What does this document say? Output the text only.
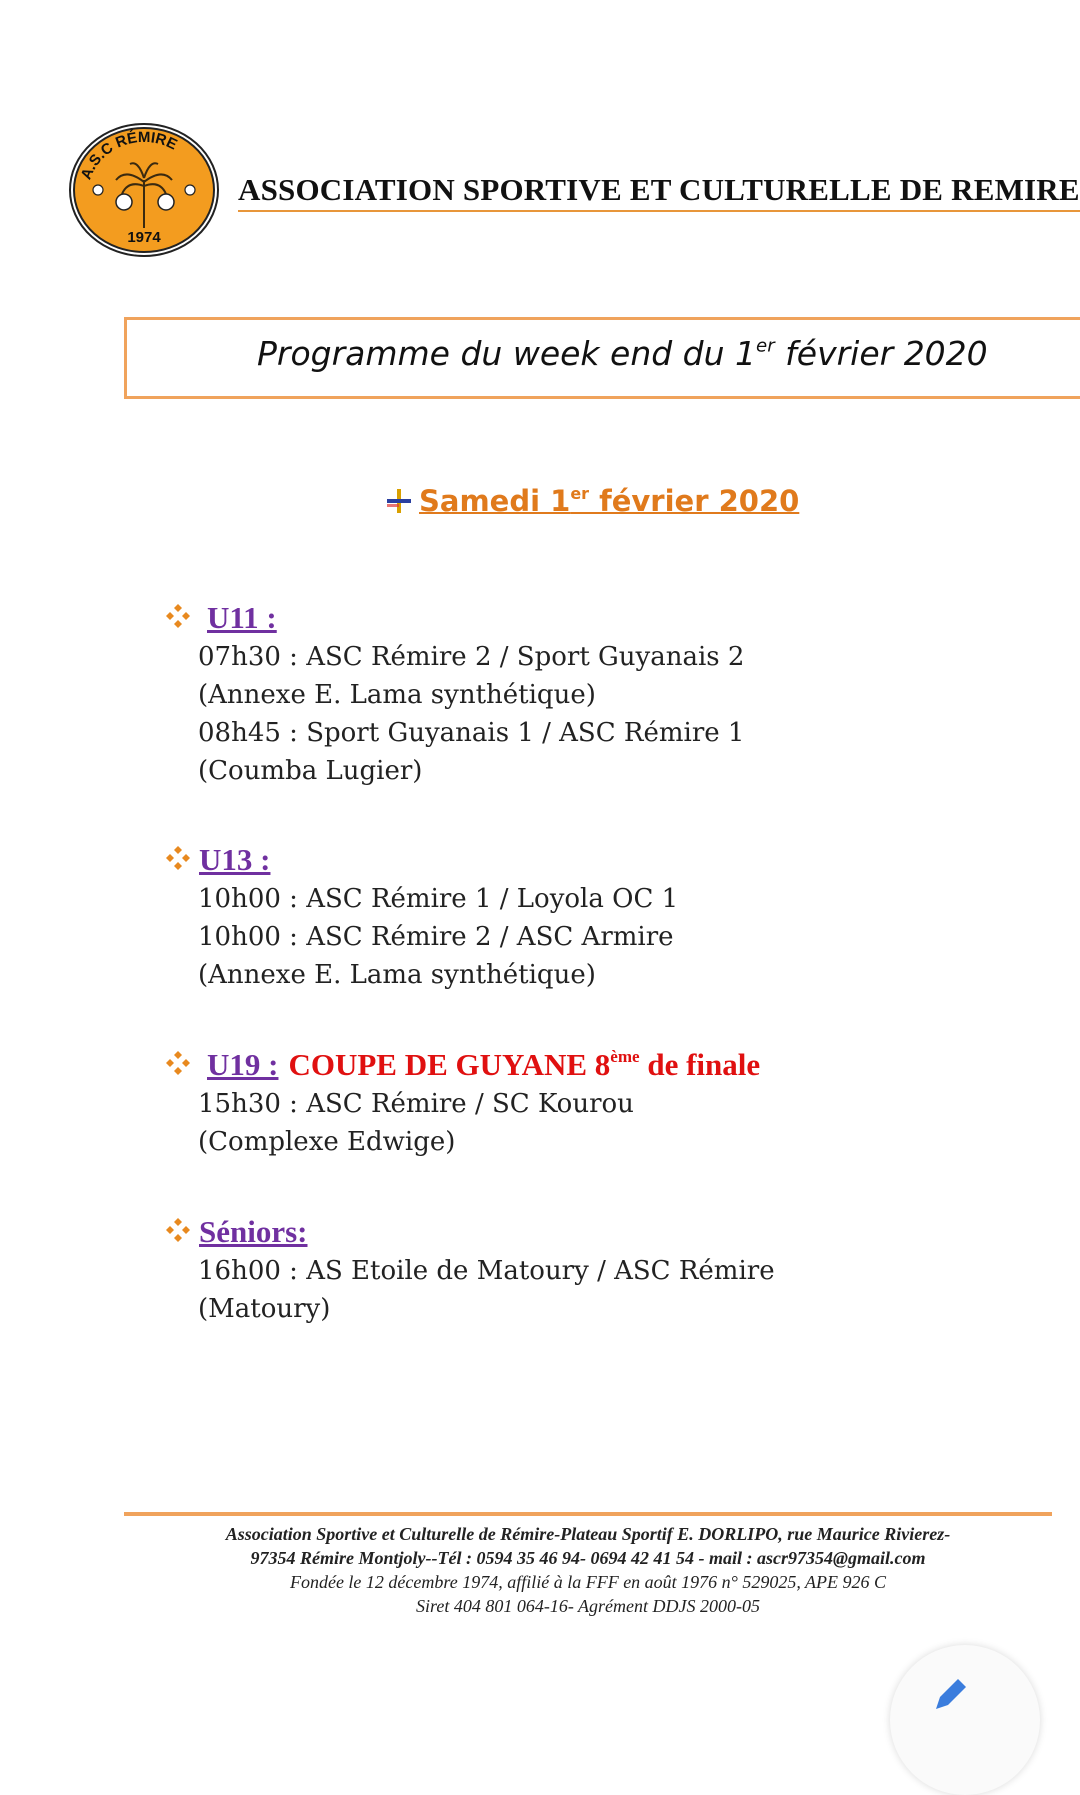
A.S.C RÉMIRE
1974
ASSOCIATION SPORTIVE ET CULTURELLE DE REMIRE
Programme du week end du 1er février 2020
Samedi 1er février 2020
U11 :
07h30 : ASC Rémire 2 / Sport Guyanais 2
(Annexe E. Lama synthétique)
08h45 : Sport Guyanais 1 / ASC Rémire 1
(Coumba Lugier)
U13 :
10h00 : ASC Rémire 1 / Loyola OC 1
10h00 : ASC Rémire 2 / ASC Armire
(Annexe E. Lama synthétique)
U19 : COUPE DE GUYANE 8ème de finale
15h30 : ASC Rémire / SC Kourou
(Complexe Edwige)
Séniors:
16h00 : AS Etoile de Matoury / ASC Rémire
(Matoury)
Association Sportive et Culturelle de Rémire-Plateau Sportif E. DORLIPO, rue Maurice Rivierez-
97354 Rémire Montjoly--Tél : 0594 35 46 94- 0694 42 41 54 - mail : ascr97354@gmail.com
Fondée le 12 décembre 1974, affilié à la FFF en août 1976 n° 529025, APE 926 C
Siret 404 801 064-16- Agrément DDJS 2000-05
